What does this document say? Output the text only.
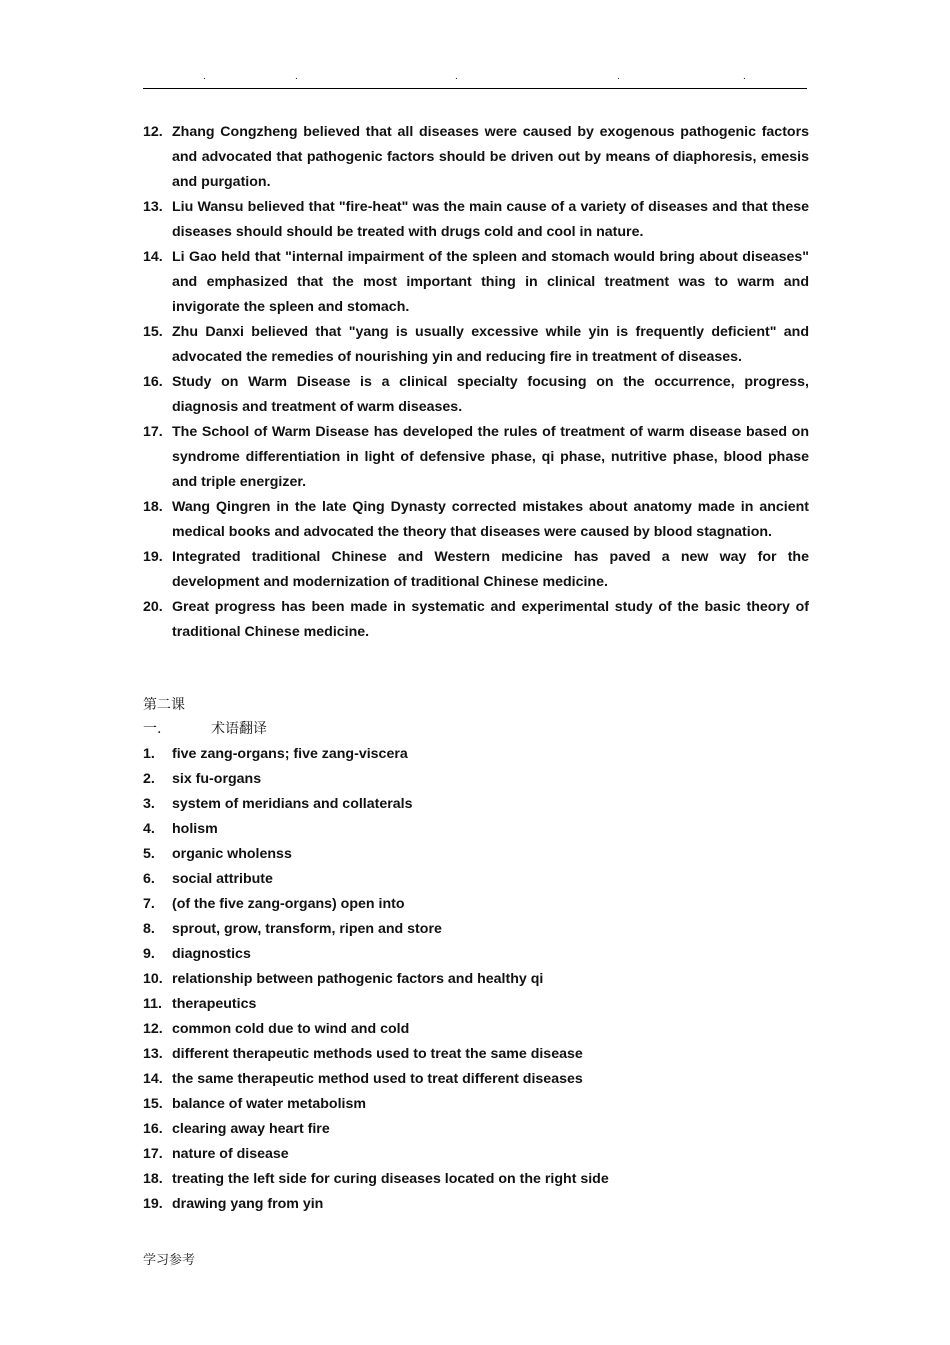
.	.	.	.	.
12. Zhang Congzheng believed that all diseases were caused by exogenous pathogenic factors and advocated that pathogenic factors should be driven out by means of diaphoresis, emesis and purgation.
13. Liu Wansu believed that "fire-heat" was the main cause of a variety of diseases and that these diseases should should be treated with drugs cold and cool in nature.
14. Li Gao held that "internal impairment of the spleen and stomach would bring about diseases" and emphasized that the most important thing in clinical treatment was to warm and invigorate the spleen and stomach.
15. Zhu Danxi believed that "yang is usually excessive while yin is frequently deficient" and advocated the remedies of nourishing yin and reducing fire in treatment of diseases.
16. Study on Warm Disease is a clinical specialty focusing on the occurrence, progress, diagnosis and treatment of warm diseases.
17. The School of Warm Disease has developed the rules of treatment of warm disease based on syndrome differentiation in light of defensive phase, qi phase, nutritive phase, blood phase and triple energizer.
18. Wang Qingren in the late Qing Dynasty corrected mistakes about anatomy made in ancient medical books and advocated the theory that diseases were caused by blood stagnation.
19. Integrated traditional Chinese and Western medicine has paved a new way for the development and modernization of traditional Chinese medicine.
20. Great progress has been made in systematic and experimental study of the basic theory of traditional Chinese medicine.
第二课
一.	术语翻译
1. five zang-organs; five zang-viscera
2. six fu-organs
3. system of meridians and collaterals
4. holism
5. organic wholenss
6. social attribute
7. (of the five zang-organs) open into
8. sprout, grow, transform, ripen and store
9. diagnostics
10. relationship between pathogenic factors and healthy qi
11. therapeutics
12. common cold due to wind and cold
13. different therapeutic methods used to treat the same disease
14. the same therapeutic method used to treat different diseases
15. balance of water metabolism
16. clearing away heart fire
17. nature of disease
18. treating the left side for curing diseases located on the right side
19. drawing yang from yin
学习参考
